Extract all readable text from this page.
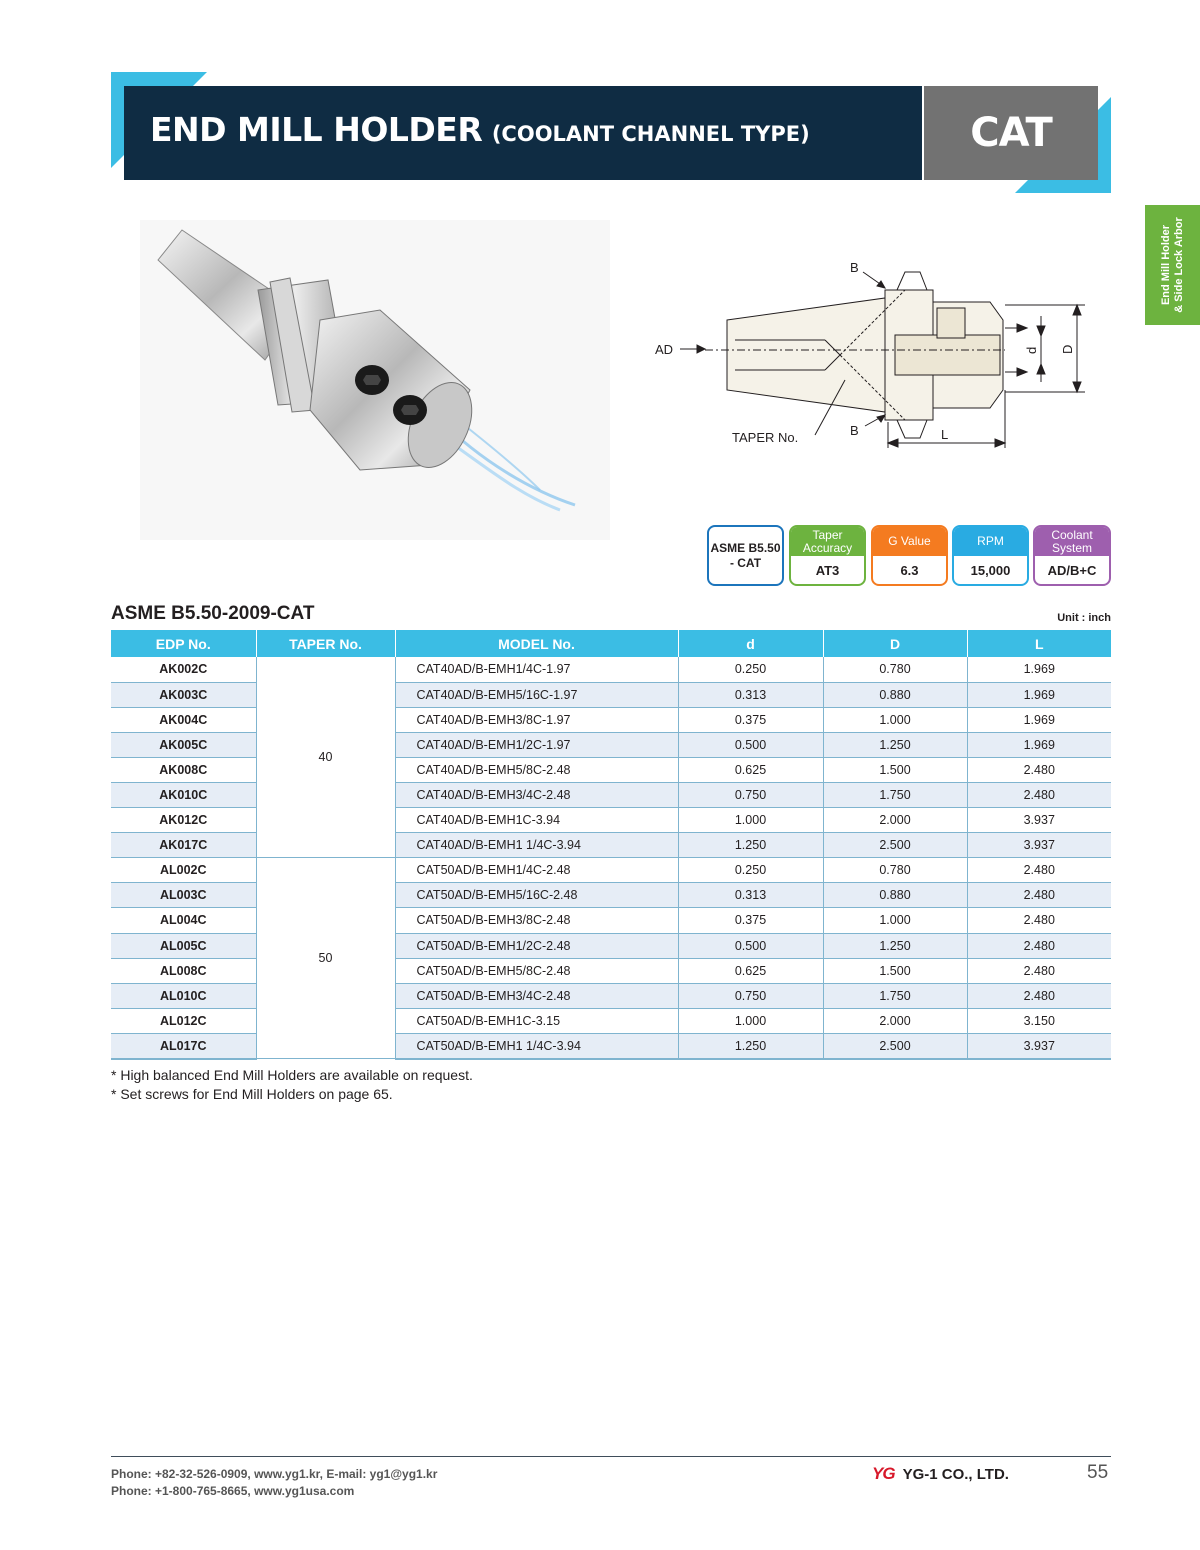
END MILL HOLDER (COOLANT CHANNEL TYPE)	CAT
End Mill Holder & Side Lock Arbor
B
B
AD
TAPER No.	L
d D
ASME B5.50 - CAT
Taper Accuracy
AT3
G Value
6.3
RPM
15,000
Coolant System
AD/B+C
ASME B5.50-2009-CAT	Unit : inch
EDP No.	TAPER No.	MODEL No.	d	D	L
AK002C	40	CAT40AD/B-EMH1/4C-1.97	0.250	0.780	1.969
AK003C		CAT40AD/B-EMH5/16C-1.97	0.313	0.880	1.969
AK004C		CAT40AD/B-EMH3/8C-1.97	0.375	1.000	1.969
AK005C		CAT40AD/B-EMH1/2C-1.97	0.500	1.250	1.969
AK008C		CAT40AD/B-EMH5/8C-2.48	0.625	1.500	2.480
AK010C		CAT40AD/B-EMH3/4C-2.48	0.750	1.750	2.480
AK012C		CAT40AD/B-EMH1C-3.94	1.000	2.000	3.937
AK017C		CAT40AD/B-EMH1 1/4C-3.94	1.250	2.500	3.937
AL002C	50	CAT50AD/B-EMH1/4C-2.48	0.250	0.780	2.480
AL003C		CAT50AD/B-EMH5/16C-2.48	0.313	0.880	2.480
AL004C		CAT50AD/B-EMH3/8C-2.48	0.375	1.000	2.480
AL005C		CAT50AD/B-EMH1/2C-2.48	0.500	1.250	2.480
AL008C		CAT50AD/B-EMH5/8C-2.48	0.625	1.500	2.480
AL010C		CAT50AD/B-EMH3/4C-2.48	0.750	1.750	2.480
AL012C		CAT50AD/B-EMH1C-3.15	1.000	2.000	3.150
AL017C		CAT50AD/B-EMH1 1/4C-3.94	1.250	2.500	3.937
* High balanced End Mill Holders are available on request.
* Set screws for End Mill Holders on page 65.
Phone: +82-32-526-0909, www.yg1.kr, E-mail: yg1@yg1.kr
Phone: +1-800-765-8665, www.yg1usa.com
YG YG-1 CO., LTD.	55
